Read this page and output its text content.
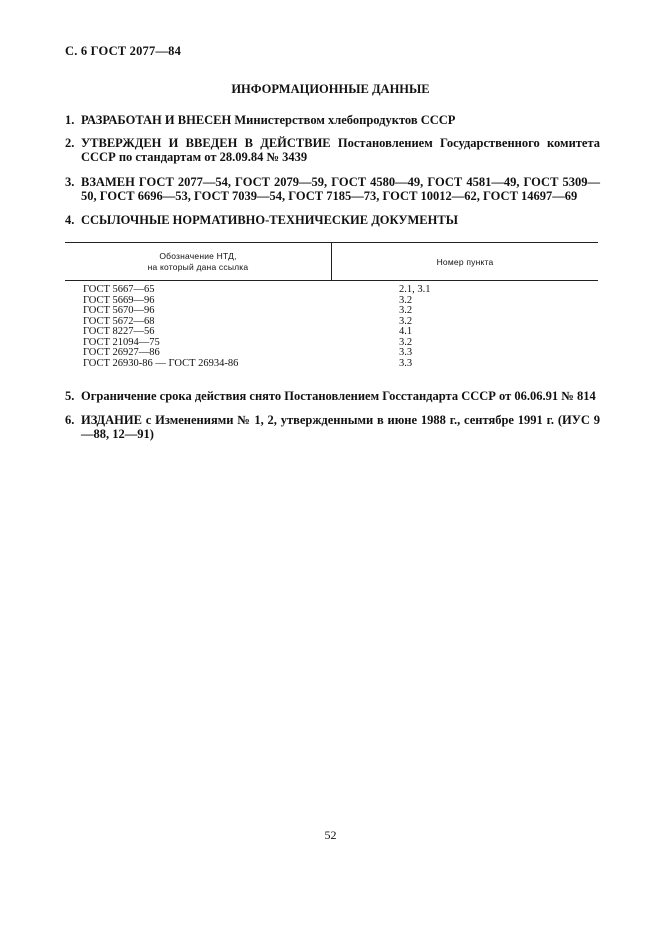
С. 6 ГОСТ 2077—84
ИНФОРМАЦИОННЫЕ ДАННЫЕ
1. РАЗРАБОТАН И ВНЕСЕН Министерством хлебопродуктов СССР
2. УТВЕРЖДЕН И ВВЕДЕН В ДЕЙСТВИЕ Постановлением Государственного комитета СССР по стандартам от 28.09.84 № 3439
3. ВЗАМЕН ГОСТ 2077—54, ГОСТ 2079—59, ГОСТ 4580—49, ГОСТ 4581—49, ГОСТ 5309—50, ГОСТ 6696—53, ГОСТ 7039—54, ГОСТ 7185—73, ГОСТ 10012—62, ГОСТ 14697—69
4. ССЫЛОЧНЫЕ НОРМАТИВНО-ТЕХНИЧЕСКИЕ ДОКУМЕНТЫ
Обозначение НТД,
на который дана ссылка	Номер пункта
ГОСТ 5667—65	2.1, 3.1
ГОСТ 5669—96	3.2
ГОСТ 5670—96	3.2
ГОСТ 5672—68	3.2
ГОСТ 8227—56	4.1
ГОСТ 21094—75	3.2
ГОСТ 26927—86	3.3
ГОСТ 26930-86 — ГОСТ 26934-86	3.3
5. Ограничение срока действия снято Постановлением Госстандарта СССР от 06.06.91 № 814
6. ИЗДАНИЕ с Изменениями № 1, 2, утвержденными в июне 1988 г., сентябре 1991 г. (ИУС 9—88, 12—91)
52
